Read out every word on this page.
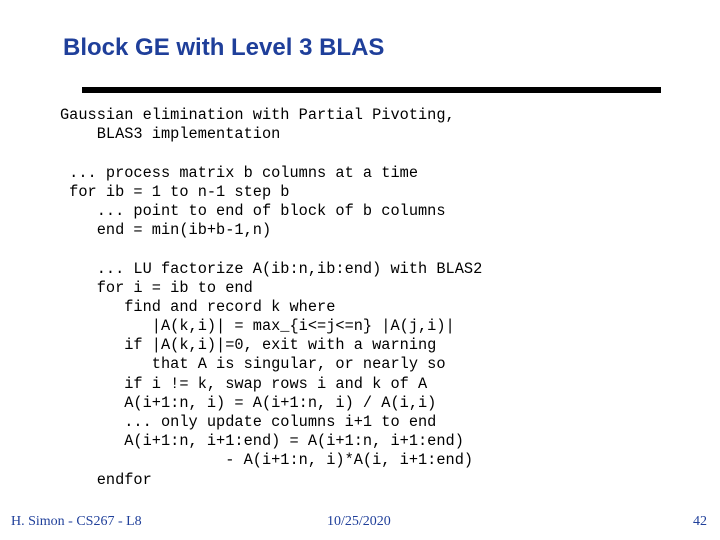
Block GE with Level 3 BLAS
Gaussian elimination with Partial Pivoting,
BLAS3 implementation
... process matrix b columns at a time
for ib = 1 to n-1 step b
... point to end of block of b columns
end = min(ib+b-1,n)
... LU factorize A(ib:n,ib:end) with BLAS2
for i = ib to end
find and record k where
|A(k,i)| = max_{i<=j<=n} |A(j,i)|
if |A(k,i)|=0, exit with a warning
that A is singular, or nearly so
if i != k, swap rows i and k of A
A(i+1:n, i) = A(i+1:n, i) / A(i,i)
... only update columns i+1 to end
A(i+1:n, i+1:end) = A(i+1:n, i+1:end)
- A(i+1:n, i)*A(i, i+1:end)
endfor
H. Simon - CS267 - L8	10/25/2020	42
